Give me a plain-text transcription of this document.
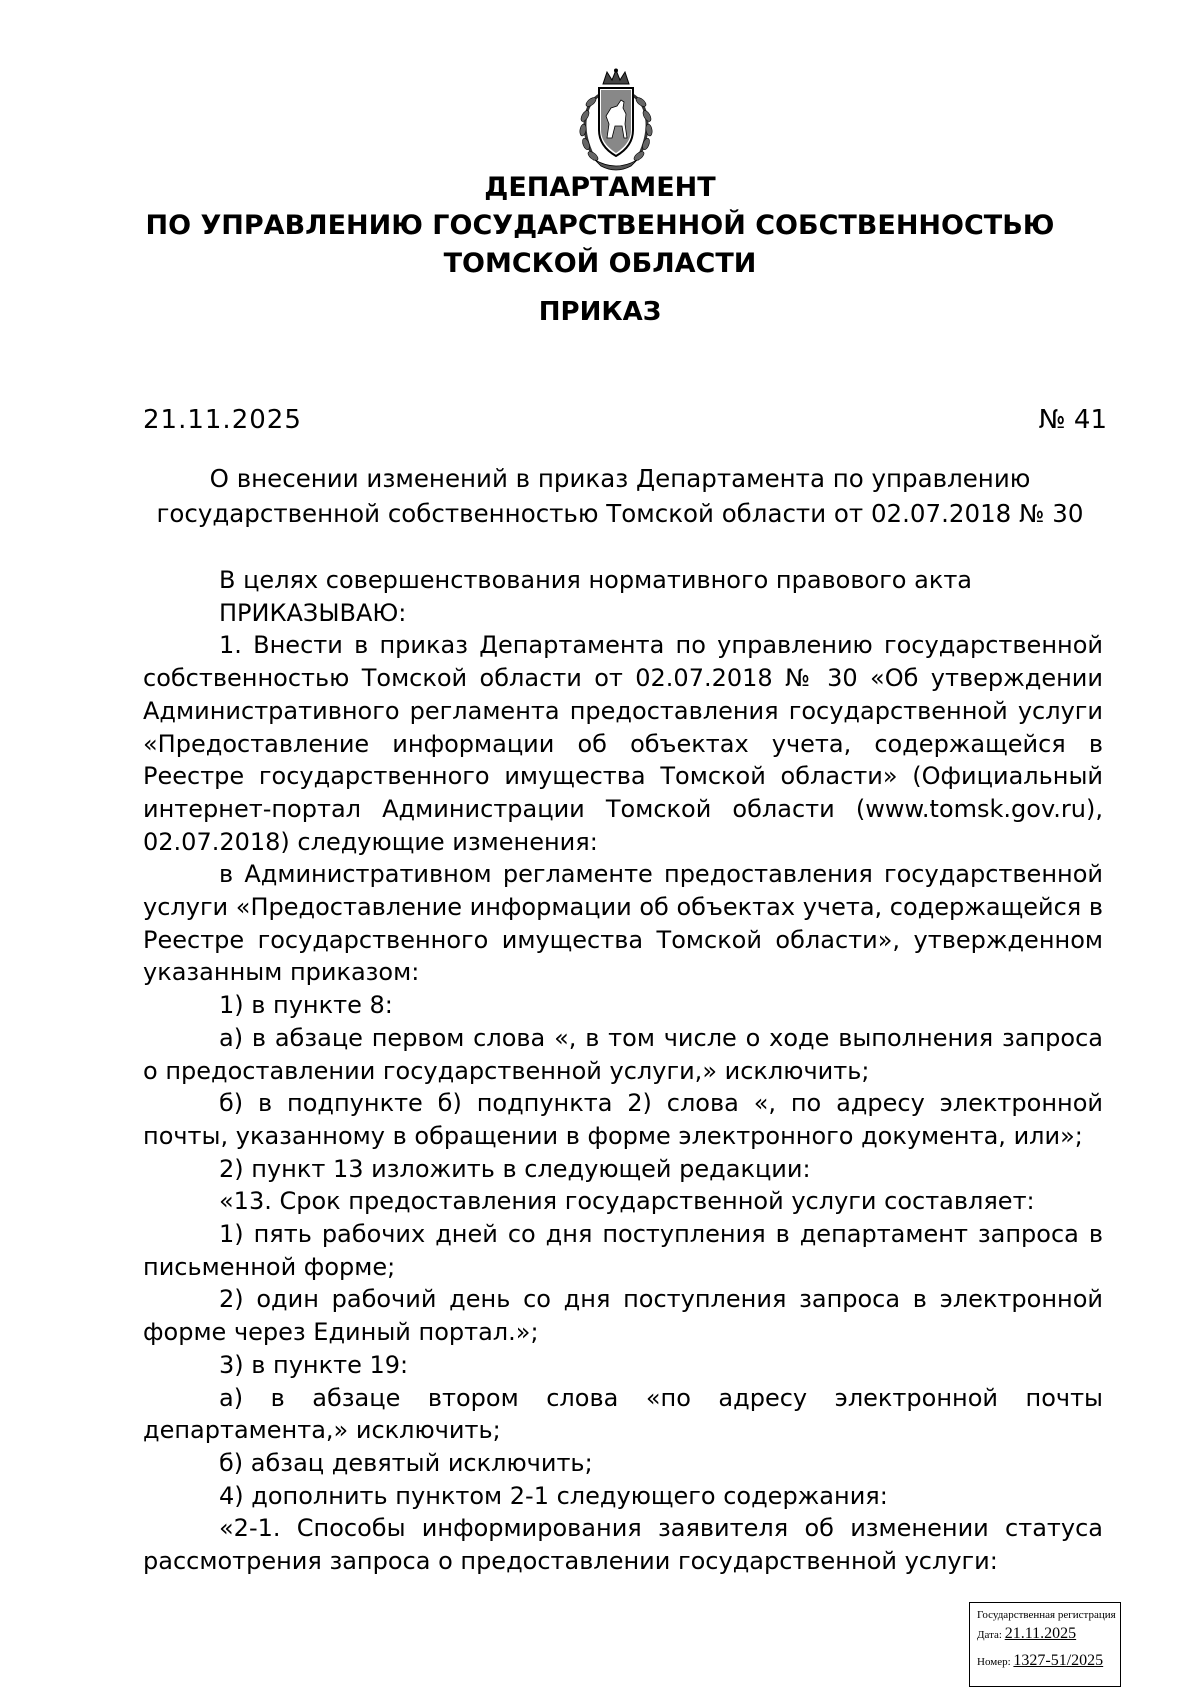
ДЕПАРТАМЕНТ
ПО УПРАВЛЕНИЮ ГОСУДАРСТВЕННОЙ СОБСТВЕННОСТЬЮ
ТОМСКОЙ ОБЛАСТИ
ПРИКАЗ
21.11.2025	№ 41
О внесении изменений в приказ Департамента по управлению государственной собственностью Томской области от 02.07.2018 № 30

В целях совершенствования нормативного правового акта

ПРИКАЗЫВАЮ:

1. Внести в приказ Департамента по управлению государственной собственностью Томской области от 02.07.2018 № 30 «Об утверждении Административного регламента предоставления государственной услуги «Предоставление информации об объектах учета, содержащейся в Реестре государственного имущества Томской области» (Официальный интернет-портал Администрации Томской области (www.tomsk.gov.ru), 02.07.2018) следующие изменения:

в Административном регламенте предоставления государственной услуги «Предоставление информации об объектах учета, содержащейся в Реестре государственного имущества Томской области», утвержденном указанным приказом:

1) в пункте 8:

а) в абзаце первом слова «, в том числе о ходе выполнения запроса о предоставлении государственной услуги,» исключить;

б) в подпункте б) подпункта 2) слова «, по адресу электронной почты, указанному в обращении в форме электронного документа, или»;

2) пункт 13 изложить в следующей редакции:

«13. Срок предоставления государственной услуги составляет:

1) пять рабочих дней со дня поступления в департамент запроса в письменной форме;

2) один рабочий день со дня поступления запроса в электронной форме через Единый портал.»;

3) в пункте 19:

а) в абзаце втором слова «по адресу электронной почты департамента,» исключить;

б) абзац девятый исключить;

4) дополнить пунктом 2-1 следующего содержания:

«2-1. Способы информирования заявителя об изменении статуса рассмотрения запроса о предоставлении государственной услуги:

Государственная регистрация
Дата: 21.11.2025
Номер: 1327-51/2025
